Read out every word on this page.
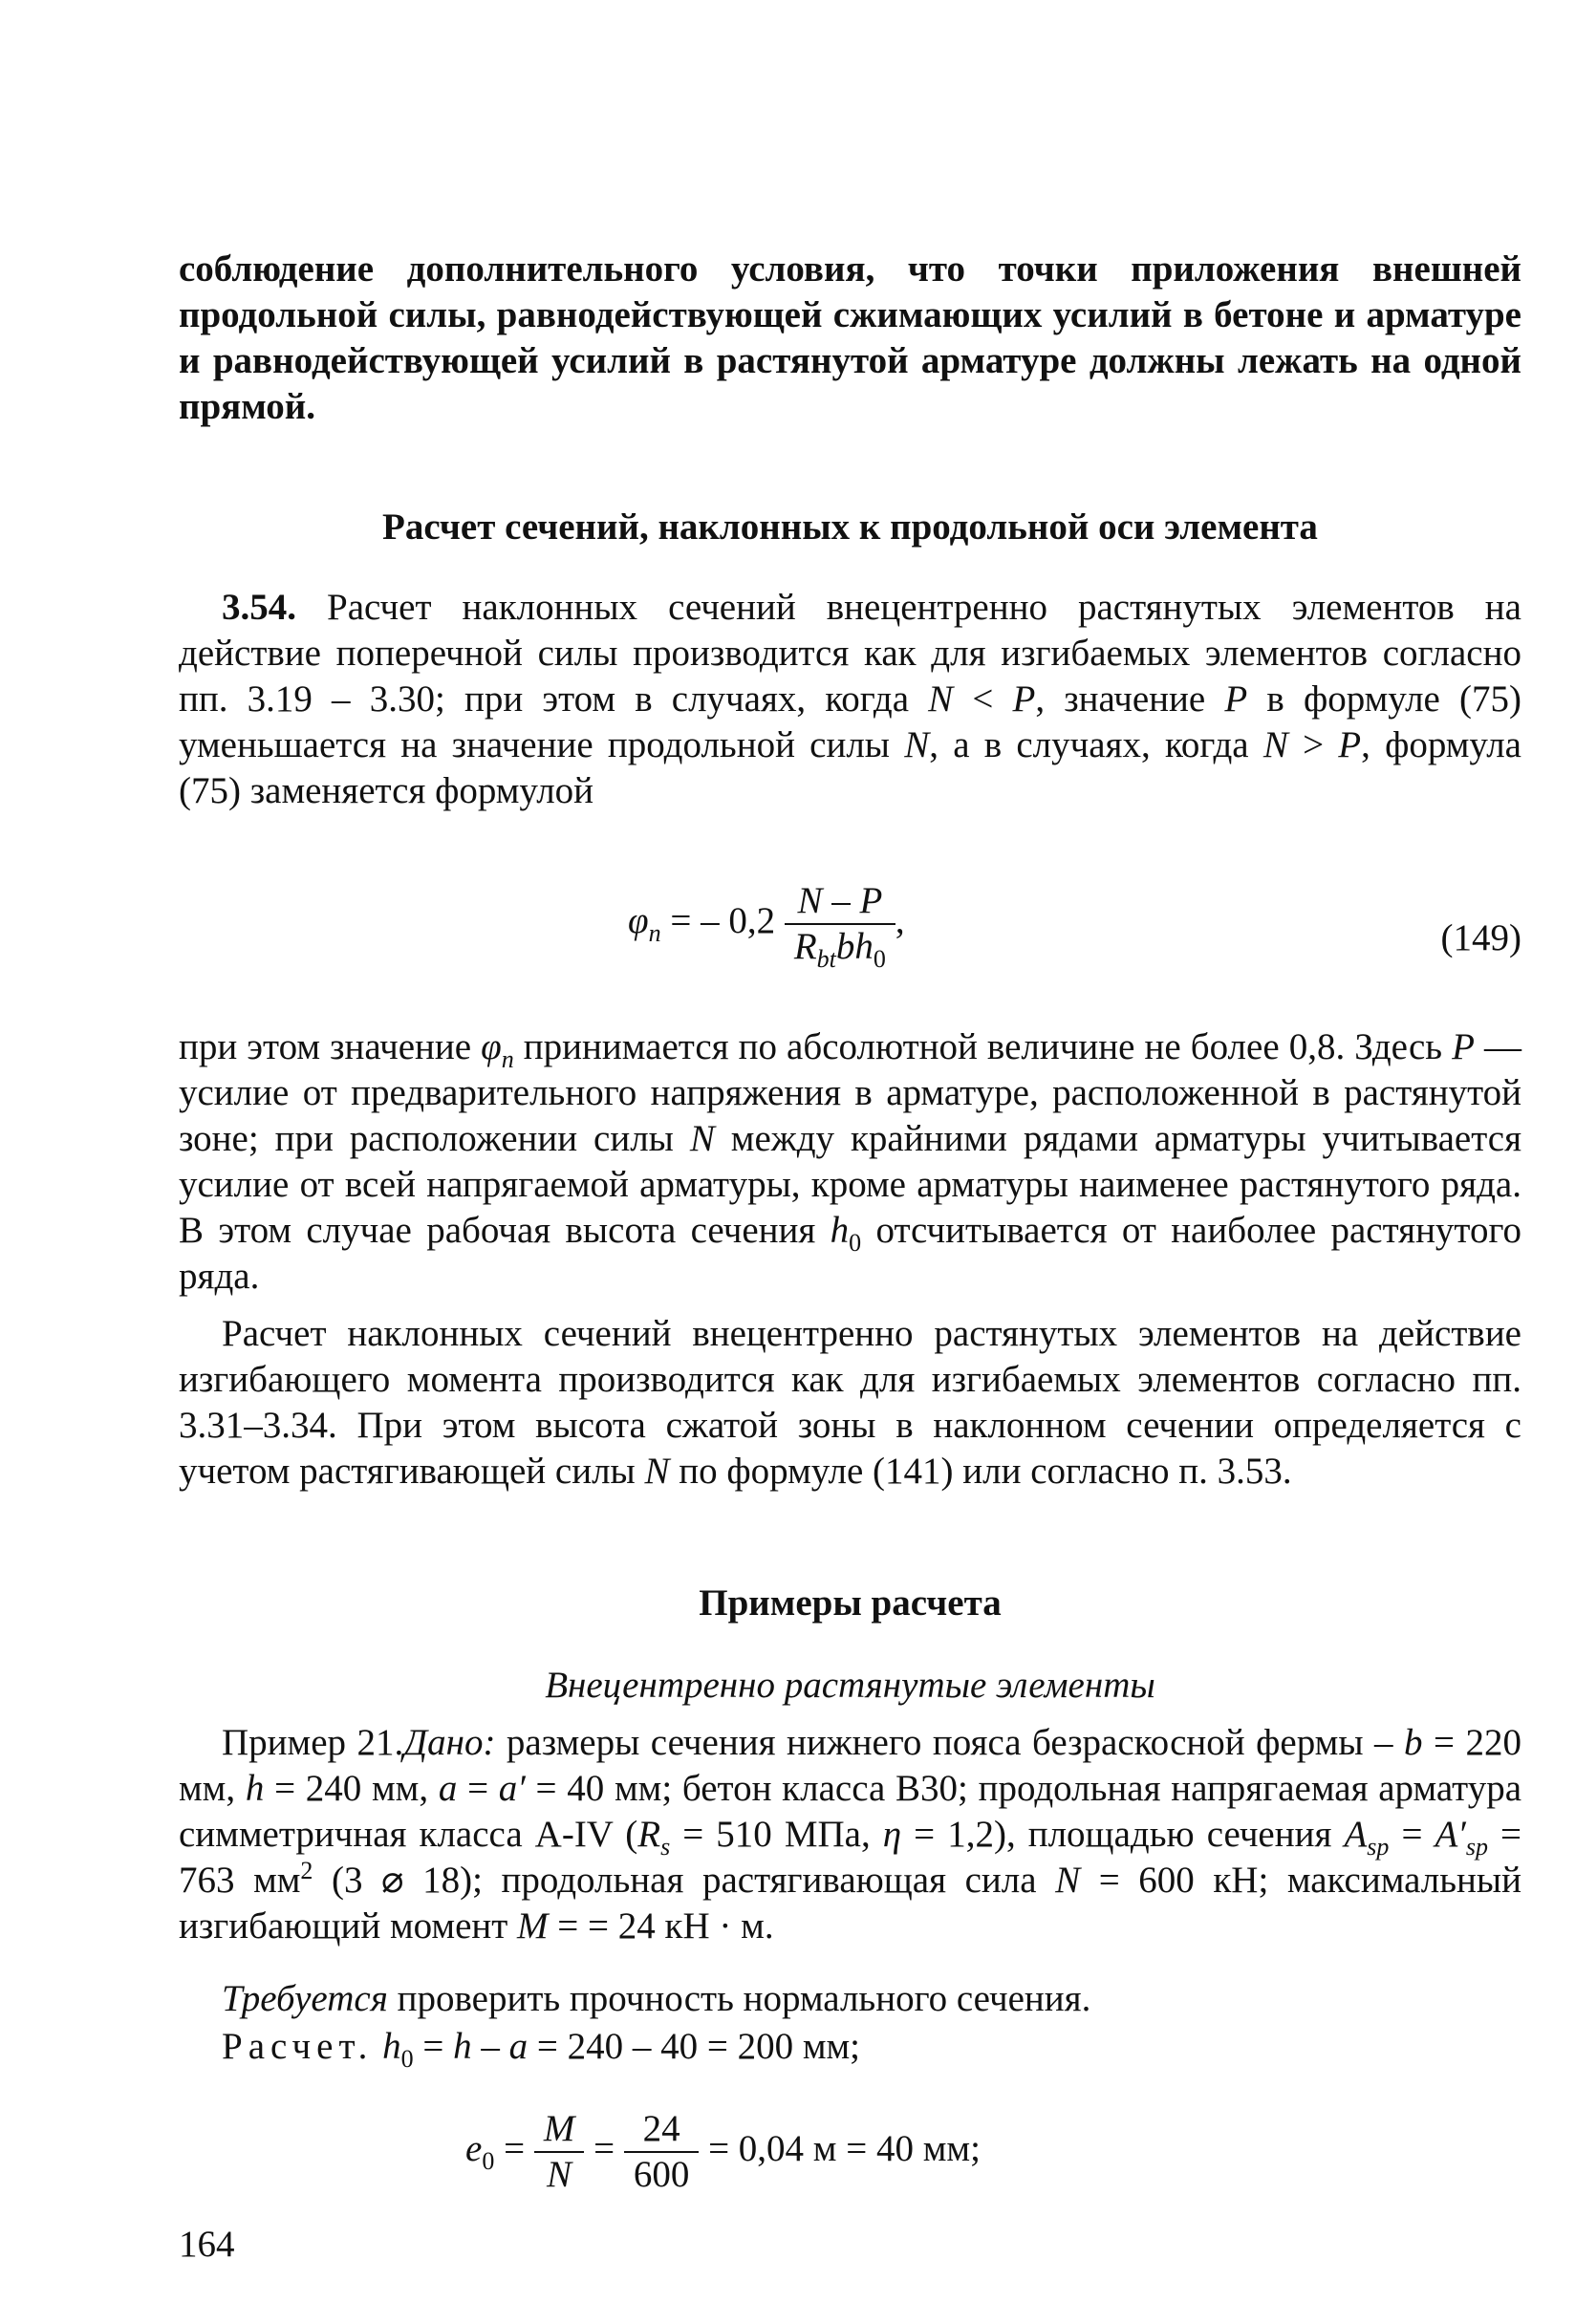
соблюдение дополнительного условия, что точки приложения внешней продольной силы, равнодействующей сжимающих усилий в бетоне и арматуре и равнодействующей усилий в растянутой арматуре должны лежать на одной прямой.

Расчет сечений, наклонных к продольной оси элемента

3.54. Расчет наклонных сечений внецентренно растянутых элементов на действие поперечной силы производится как для изгибаемых элементов согласно пп. 3.19 – 3.30; при этом в случаях, когда N < P, значение P в формуле (75) уменьшается на значение продольной силы N, а в случаях, когда N > P, формула (75) заменяется формулой

$\varphi_n$ = – $0,2 \frac{N - P}{R_{bt}bh_0}$ ,	(149)

при этом значение $\varphi_n$ принимается по абсолютной величине не более 0,8. Здесь P — усилие от предварительного напряжения в арматуре, расположенной в растянутой зоне; при расположении силы N между крайними рядами арматуры учитывается усилие от всей напрягаемой арматуры, кроме арматуры наименее растянутого ряда. В этом случае рабочая высота сечения $h_0$ отсчитывается от наиболее растянутого ряда.

Расчет наклонных сечений внецентренно растянутых элементов на действие изгибающего момента производится как для изгибаемых элементов согласно пп. 3.31–3.34. При этом высота сжатой зоны в наклонном сечении определяется с учетом растягивающей силы N по формуле (141) или согласно п. 3.53.

Примеры расчета

Внецентренно растянутые элементы

Пример 21.Дано: размеры сечения нижнего пояса безраскосной фермы – b = 220 мм, h = 240 мм, a = a′ = 40 мм; бетон класса В30; продольная напрягаемая арматура симметричная класса А-IV ($R_s = 510$ МПа, η = 1,2), площадью сечения $A_{sp} = A'_{sp} = 763$ $мм^2$ (3 ⌀ 18); продольная растягивающая сила N = 600 кН; максимальный изгибающий момент M = = 24 кН · м.

Требуется проверить прочность нормального сечения.

Расчет. $h_0 = h - a = 240 - 40 = 200$ мм;

$e_0 = \frac{M}{N} = \frac{24}{600} = 0,04$ м = 40 мм;
164
